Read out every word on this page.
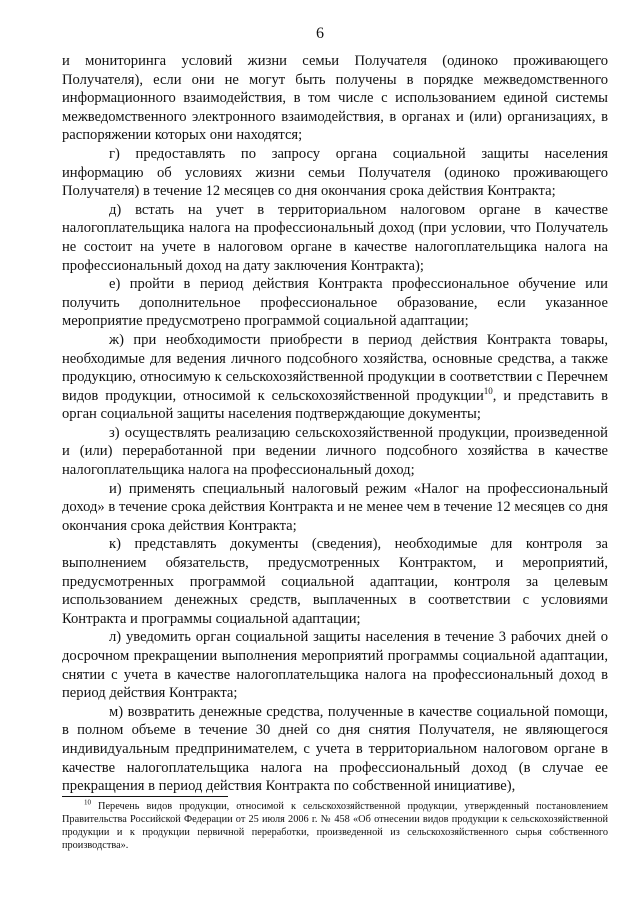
6

и мониторинга условий жизни семьи Получателя (одиноко проживающего Получателя), если они не могут быть получены в порядке межведомственного информационного взаимодействия, в том числе с использованием единой системы межведомственного электронного взаимодействия, в органах и (или) организациях, в распоряжении которых они находятся;

г) предоставлять по запросу органа социальной защиты населения информацию об условиях жизни семьи Получателя (одиноко проживающего Получателя) в течение 12 месяцев со дня окончания срока действия Контракта;

д) встать на учет в территориальном налоговом органе в качестве налогоплательщика налога на профессиональный доход (при условии, что Получатель не состоит на учете в налоговом органе в качестве налогоплательщика налога на профессиональный доход на дату заключения Контракта);

е) пройти в период действия Контракта профессиональное обучение или получить дополнительное профессиональное образование, если указанное мероприятие предусмотрено программой социальной адаптации;

ж) при необходимости приобрести в период действия Контракта товары, необходимые для ведения личного подсобного хозяйства, основные средства, а также продукцию, относимую к сельскохозяйственной продукции в соответствии с Перечнем видов продукции, относимой к сельскохозяйственной продукции$^{10}$, и представить в орган социальной защиты населения подтверждающие документы;

з) осуществлять реализацию сельскохозяйственной продукции, произведенной и (или) переработанной при ведении личного подсобного хозяйства в качестве налогоплательщика налога на профессиональный доход;

и) применять специальный налоговый режим «Налог на профессиональный доход» в течение срока действия Контракта и не менее чем в течение 12 месяцев со дня окончания срока действия Контракта;

к) представлять документы (сведения), необходимые для контроля за выполнением обязательств, предусмотренных Контрактом, и мероприятий, предусмотренных программой социальной адаптации, контроля за целевым использованием денежных средств, выплаченных в соответствии с условиями Контракта и программы социальной адаптации;

л) уведомить орган социальной защиты населения в течение 3 рабочих дней о досрочном прекращении выполнения мероприятий программы социальной адаптации, снятии с учета в качестве налогоплательщика налога на профессиональный доход в период действия Контракта;

м) возвратить денежные средства, полученные в качестве социальной помощи, в полном объеме в течение 30 дней со дня снятия Получателя, не являющегося индивидуальным предпринимателем, с учета в территориальном налоговом органе в качестве налогоплательщика налога на профессиональный доход (в случае ее прекращения в период действия Контракта по собственной инициативе),

$^{10}$ Перечень видов продукции, относимой к сельскохозяйственной продукции, утвержденный постановлением Правительства Российской Федерации от 25 июля 2006 г. № 458 «Об отнесении видов продукции к сельскохозяйственной продукции и к продукции первичной переработки, произведенной из сельскохозяйственного сырья собственного производства».
